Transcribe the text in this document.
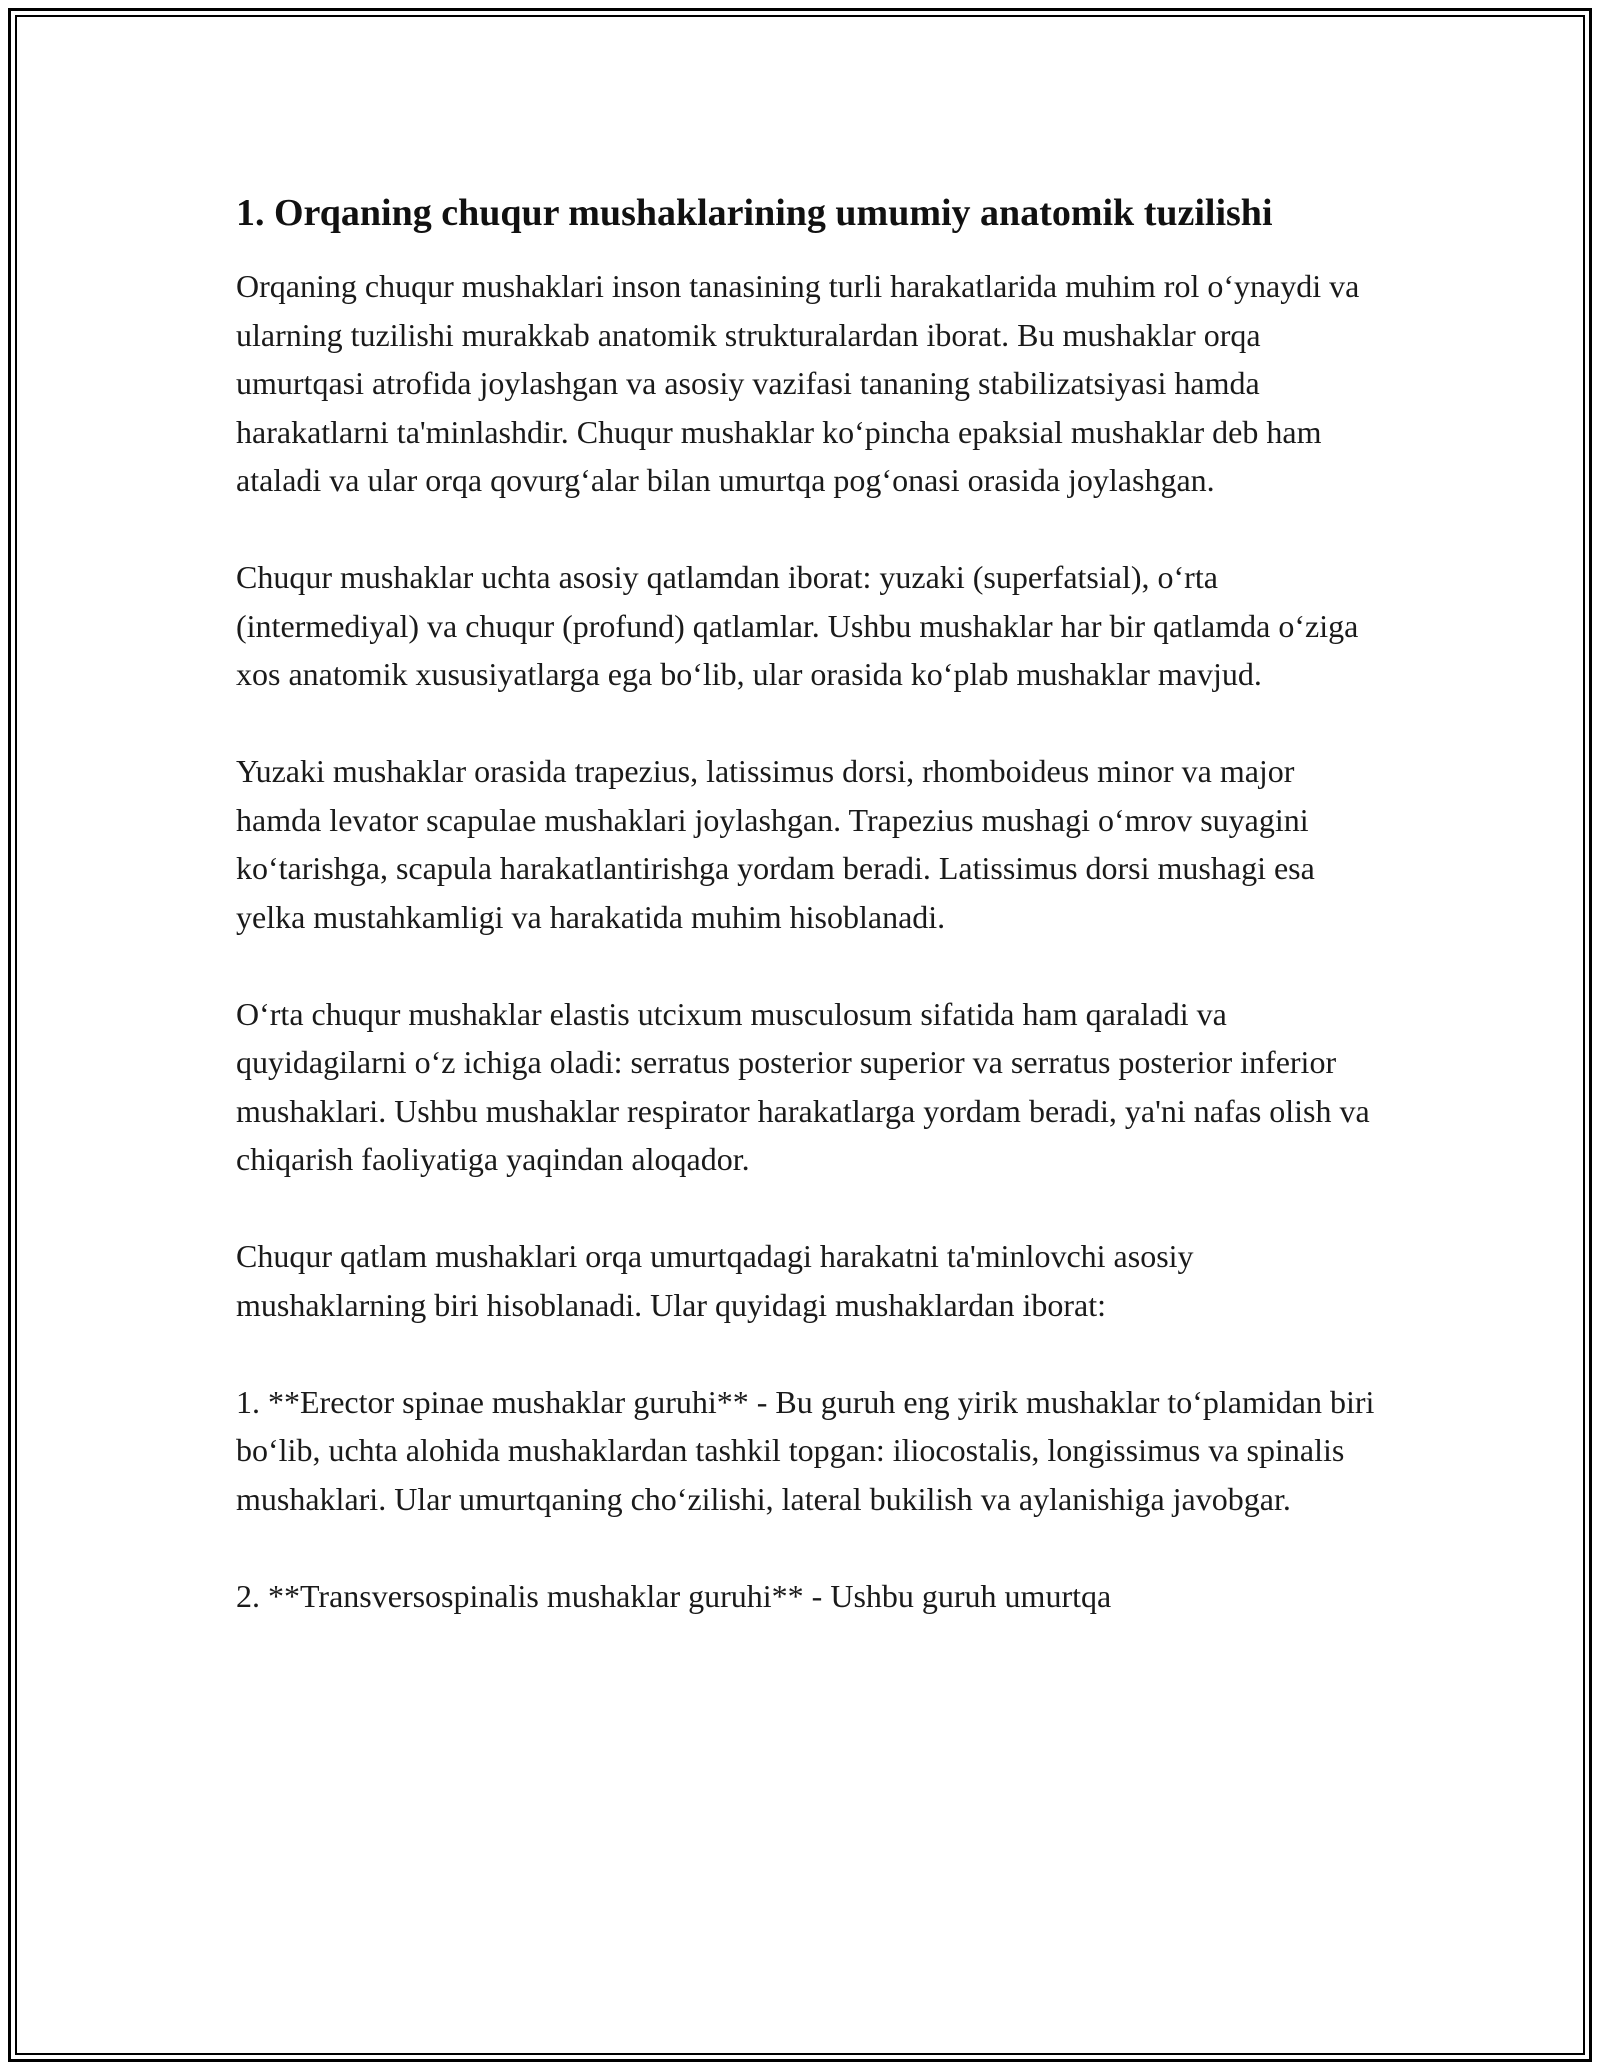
1. Orqaning chuqur mushaklarining umumiy anatomik tuzilishi

Orqaning chuqur mushaklari inson tanasining turli harakatlarida muhim rol o‘ynaydi va ularning tuzilishi murakkab anatomik strukturalardan iborat. Bu mushaklar orqa umurtqasi atrofida joylashgan va asosiy vazifasi tananing stabilizatsiyasi hamda harakatlarni ta'minlashdir. Chuqur mushaklar ko‘pincha epaksial mushaklar deb ham ataladi va ular orqa qovurg‘alar bilan umurtqa pog‘onasi orasida joylashgan.

Chuqur mushaklar uchta asosiy qatlamdan iborat: yuzaki (superfatsial), o‘rta (intermediyal) va chuqur (profund) qatlamlar. Ushbu mushaklar har bir qatlamda o‘ziga xos anatomik xususiyatlarga ega bo‘lib, ular orasida ko‘plab mushaklar mavjud.

Yuzaki mushaklar orasida trapezius, latissimus dorsi, rhomboideus minor va major hamda levator scapulae mushaklari joylashgan. Trapezius mushagi o‘mrov suyagini ko‘tarishga, scapula harakatlantirishga yordam beradi. Latissimus dorsi mushagi esa yelka mustahkamligi va harakatida muhim hisoblanadi.

O‘rta chuqur mushaklar elastis utcixum musculosum sifatida ham qaraladi va quyidagilarni o‘z ichiga oladi: serratus posterior superior va serratus posterior inferior mushaklari. Ushbu mushaklar respirator harakatlarga yordam beradi, ya'ni nafas olish va chiqarish faoliyatiga yaqindan aloqador.

Chuqur qatlam mushaklari orqa umurtqadagi harakatni ta'minlovchi asosiy mushaklarning biri hisoblanadi. Ular quyidagi mushaklardan iborat:

1. **Erector spinae mushaklar guruhi** - Bu guruh eng yirik mushaklar to‘plamidan biri bo‘lib, uchta alohida mushaklardan tashkil topgan: iliocostalis, longissimus va spinalis mushaklari. Ular umurtqaning cho‘zilishi, lateral bukilish va aylanishiga javobgar.

2. **Transversospinalis mushaklar guruhi** - Ushbu guruh umurtqa
